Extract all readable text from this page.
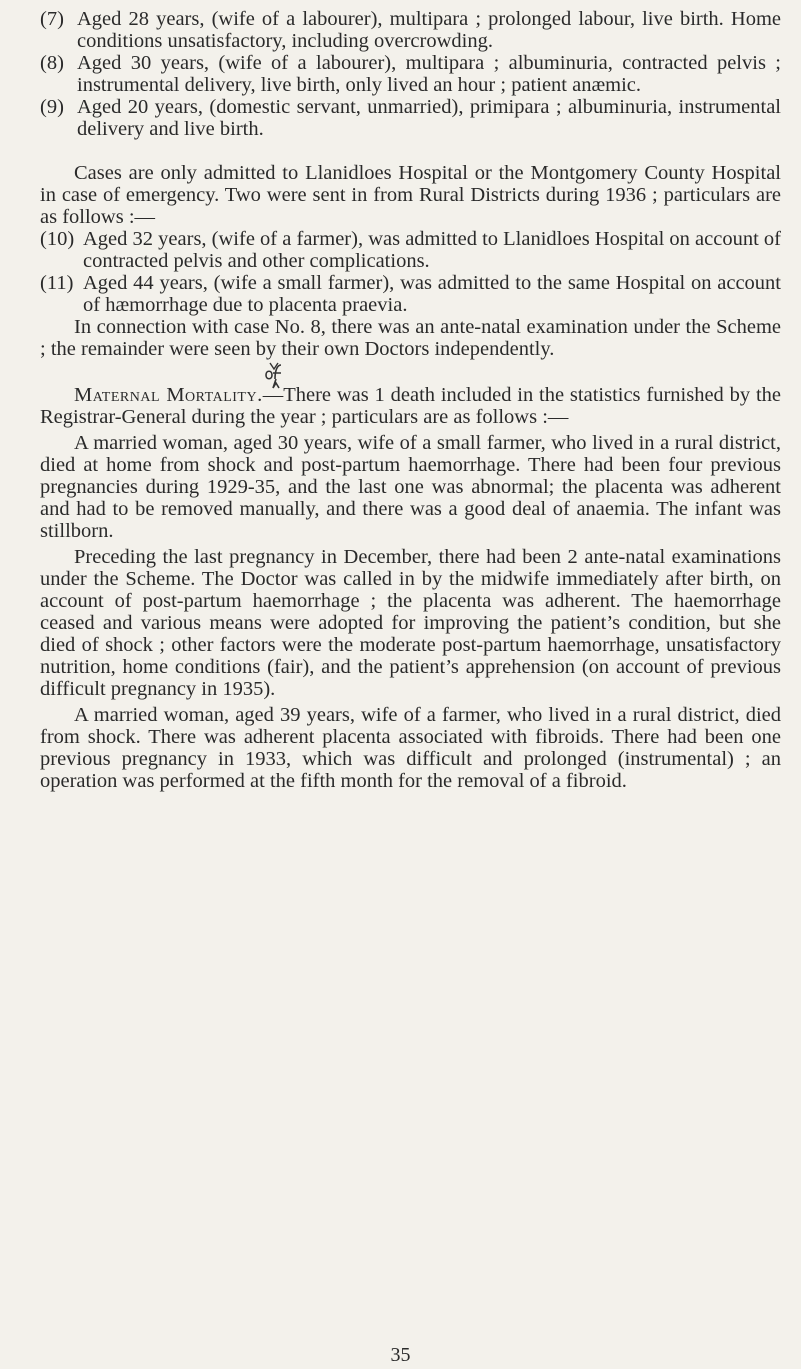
(7) Aged 28 years, (wife of a labourer), multipara ; prolonged labour, live birth. Home conditions unsatisfactory, including overcrowding.
(8) Aged 30 years, (wife of a labourer), multipara ; albuminuria, contracted pelvis ; instrumental delivery, live birth, only lived an hour ; patient anæmic.
(9) Aged 20 years, (domestic servant, unmarried), primipara ; albuminuria, instrumental delivery and live birth.

Cases are only admitted to Llanidloes Hospital or the Montgomery County Hospital in case of emergency. Two were sent in from Rural Districts during 1936 ; particulars are as follows :—

(10) Aged 32 years, (wife of a farmer), was admitted to Llanidloes Hospital on account of contracted pelvis and other complications.
(11) Aged 44 years, (wife a small farmer), was admitted to the same Hospital on account of hæmorrhage due to placenta praevia.

In connection with case No. 8, there was an ante-natal examination under the Scheme ; the remainder were seen by their own Doctors independently.

Maternal Mortality.—There was 1 death included in the statistics furnished by the Registrar-General during the year ; particulars are as follows :—

A married woman, aged 30 years, wife of a small farmer, who lived in a rural district, died at home from shock and post-partum haemorrhage. There had been four previous pregnancies during 1929-35, and the last one was abnormal; the placenta was adherent and had to be removed manually, and there was a good deal of anaemia. The infant was stillborn.

Preceding the last pregnancy in December, there had been 2 ante-natal examinations under the Scheme. The Doctor was called in by the midwife immediately after birth, on account of post-partum haemorrhage ; the placenta was adherent. The haemorrhage ceased and various means were adopted for improving the patient’s condition, but she died of shock ; other factors were the moderate post-partum haemorrhage, unsatisfactory nutrition, home conditions (fair), and the patient’s apprehension (on account of previous difficult pregnancy in 1935).

A married woman, aged 39 years, wife of a farmer, who lived in a rural district, died from shock. There was adherent placenta associated with fibroids. There had been one previous pregnancy in 1933, which was difficult and prolonged (instrumental) ; an operation was performed at the fifth month for the removal of a fibroid.

35
